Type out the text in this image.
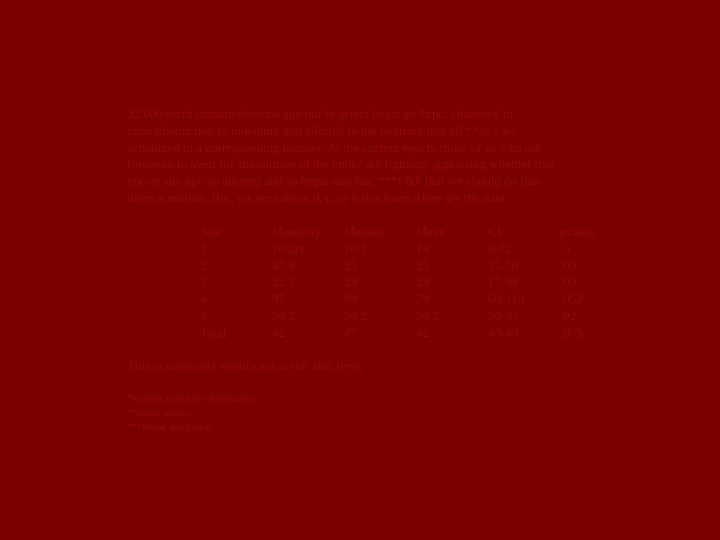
32,000 earth circumvolutions ago our begeters begat an *npc, chartered in
contradistinction to indenture and allotted to the overture that all **hs's are
actualized in a corresponding manner. At the current epoch, those of us who are
forsworn to avert the dissolution of the entity are fighting, appraising whether that
npc or any npc so allotted and so begat can last. ***F&P that we should do this
times a million. But, yo, we cannot d, c, or h this loam. Here are the data.

Site	Mortality	Median	Mean	CI	pvalue
1	10.2pt	10.1	14	6-12	.5
2	47.9	25	25	35-56	.09
3	22.7	24	24	17-98	.09
4	97	89	79	60-110	.053
5	50.2	50.2	50.2	50-55	.02
Total	42	47	42	43-49	.005

This is statiscally significant at the .005 level.

*neoteric political configuration
**homo sapiens
***fitting and proper
